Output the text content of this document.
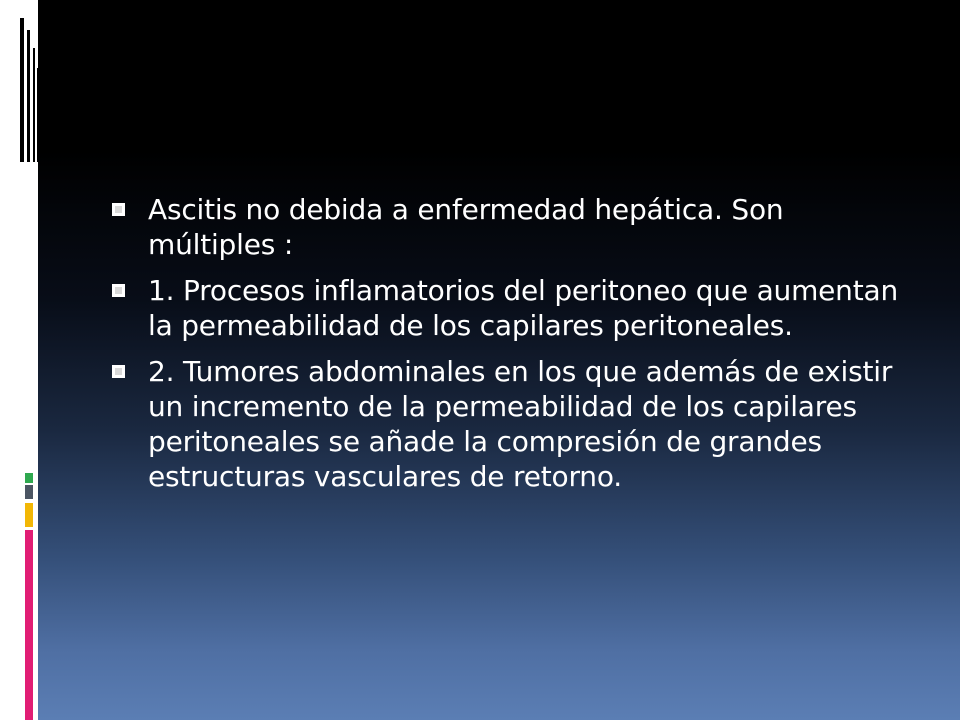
Ascitis no debida a enfermedad hepática. Son múltiples :
1. Procesos inflamatorios del peritoneo que aumentan la permeabilidad de los capilares peritoneales.
2. Tumores abdominales en los que además de existir un incremento de la permeabilidad de los capilares peritoneales se añade la compresión de grandes estructuras vasculares de retorno.
